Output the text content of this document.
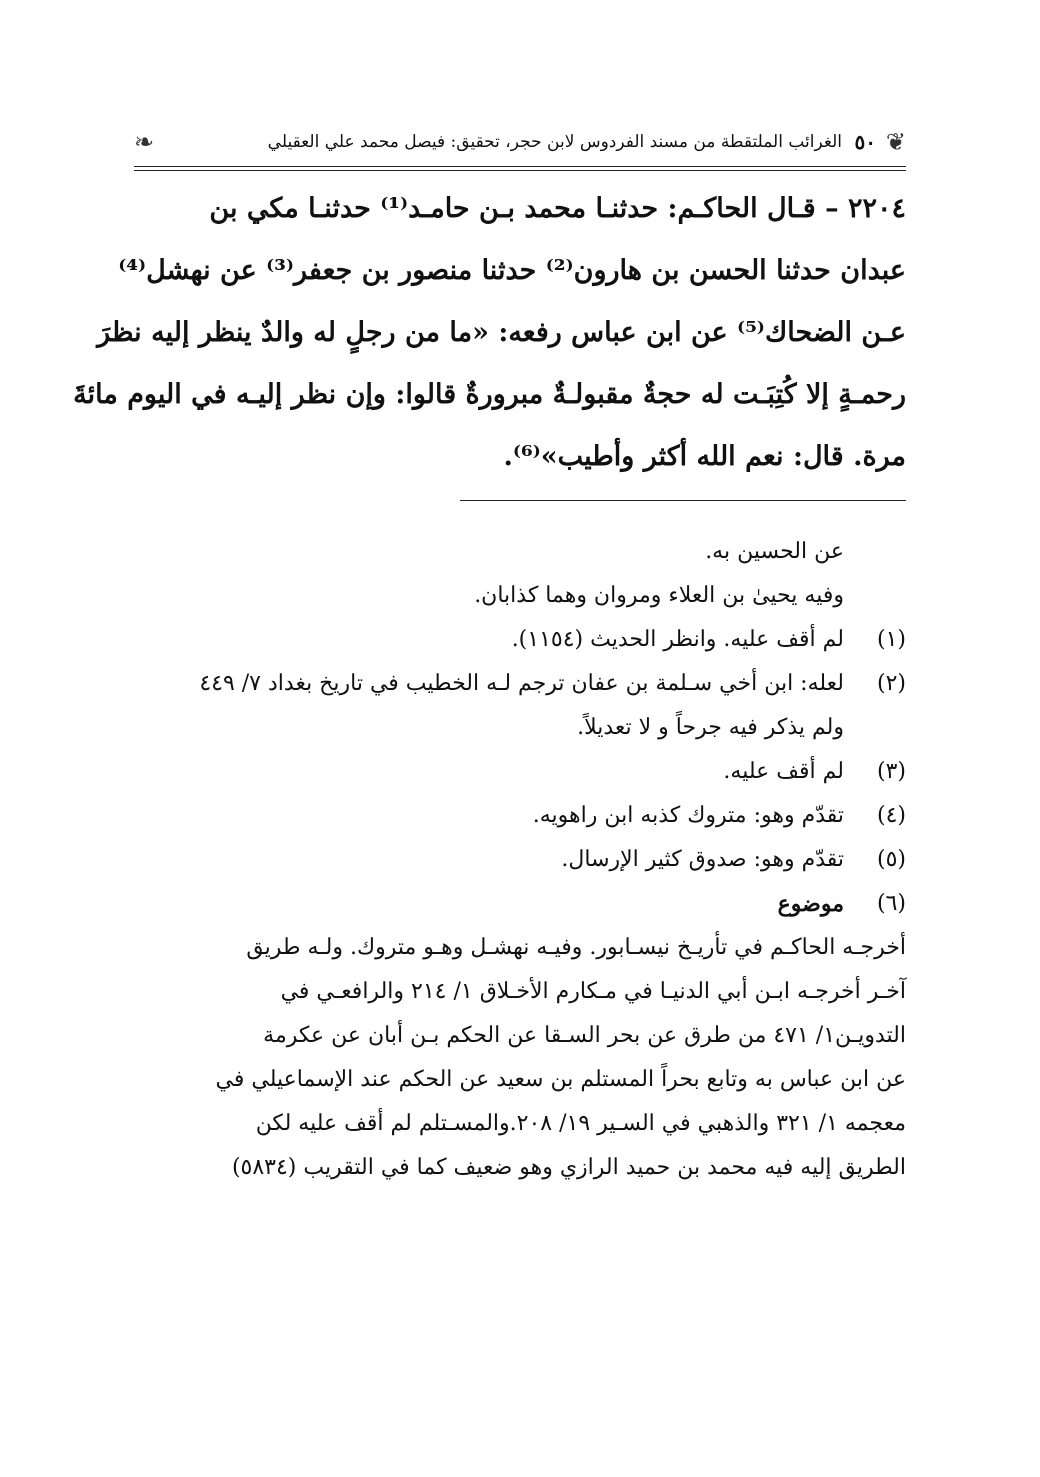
❦
٥٠
الغرائب الملتقطة من مسند الفردوس لابن حجر، تحقيق: فيصل محمد علي العقيلي
❧
٢٢٠٤ – قـال الحاكـم: حدثنـا محمد بـن حامـد⁽¹⁾ حدثنـا مكي بن
عبدان حدثنا الحسن بن هارون⁽²⁾ حدثنا منصور بن جعفر⁽³⁾ عن نهشل⁽⁴⁾
عـن الضحاك⁽⁵⁾ عن ابن عباس رفعه: «ما من رجلٍ له والدٌ ينظر إليه نظرَ
رحمـةٍ إلا كُتِبَـت له حجةٌ مقبولـةٌ مبرورةٌ قالوا: وإن نظر إليـه في اليوم مائةَ
مرة. قال: نعم الله أكثر وأطيب»⁽⁶⁾.
عن الحسين به.
وفيه يحيىٰ بن العلاء ومروان وهما كذابان.
(١)
لم أقف عليه. وانظر الحديث (١١٥٤).
(٢)
لعله: ابن أخي سـلمة بن عفان ترجم لـه الخطيب في تاريخ بغداد ٧/ ٤٤٩
ولم يذكر فيه جرحاً و لا تعديلاً.
(٣)
لم أقف عليه.
(٤)
تقدّم وهو: متروك كذبه ابن راهويه.
(٥)
تقدّم وهو: صدوق كثير الإرسال.
(٦)
موضوع
أخرجـه الحاكـم في تأريـخ نيسـابور. وفيـه نهشـل وهـو متروك. ولـه طريق
آخـر أخرجـه ابـن أبي الدنيـا في مـكارم الأخـلاق ١/ ٢١٤ والرافعـي في
التدويـن١/ ٤٧١ من طرق عن بحر السـقا عن الحكم بـن أبان عن عكرمة
عن ابن عباس به وتابع بحراً المستلم بن سعيد عن الحكم عند الإسماعيلي في
معجمه ١/ ٣٢١ والذهبي في السـير ١٩/ ٢٠٨.والمسـتلم لم أقف عليه لكن
الطريق إليه فيه محمد بن حميد الرازي وهو ضعيف كما في التقريب (٥٨٣٤)
